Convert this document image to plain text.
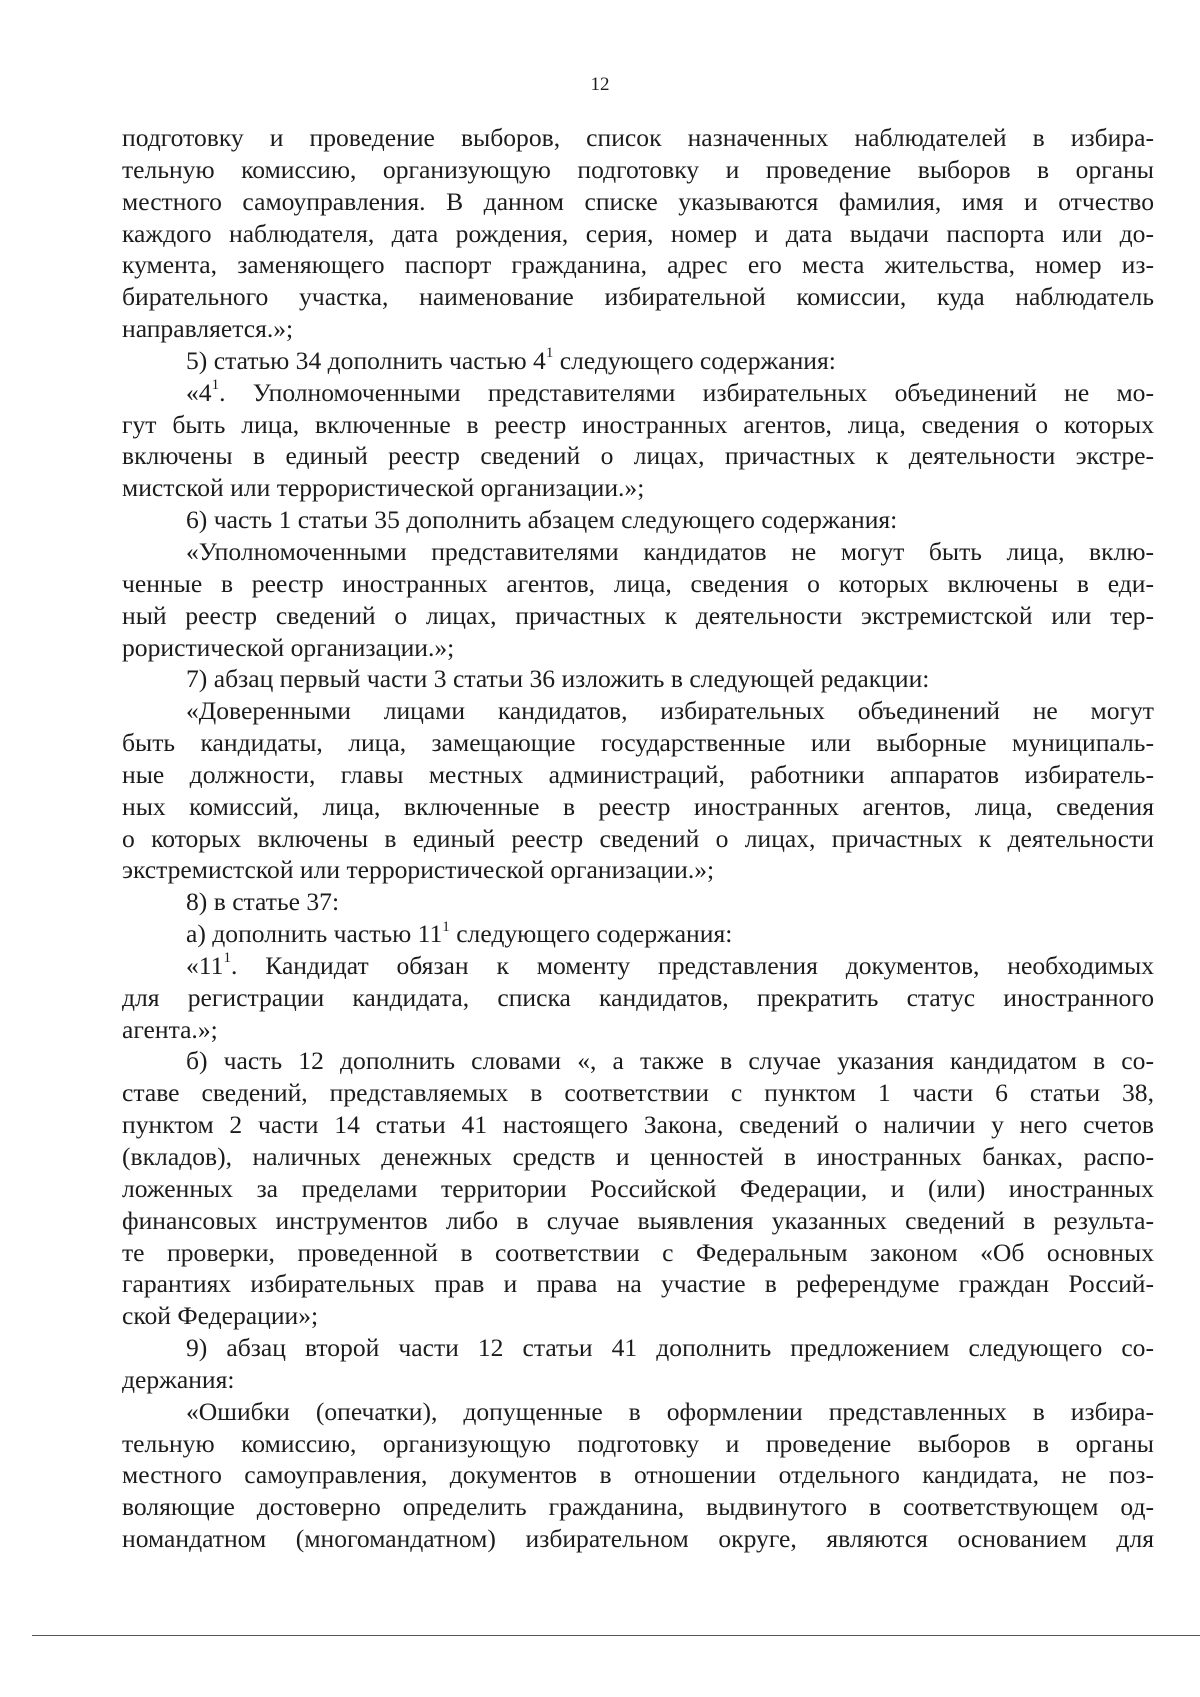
12
подготовку и проведение выборов, список назначенных наблюдателей в избира-
тельную комиссию, организующую подготовку и проведение выборов в органы
местного самоуправления. В данном списке указываются фамилия, имя и отчество
каждого наблюдателя, дата рождения, серия, номер и дата выдачи паспорта или до-
кумента, заменяющего паспорт гражданина, адрес его места жительства, номер из-
бирательного участка, наименование избирательной комиссии, куда наблюдатель
направляется.»;
5) статью 34 дополнить частью $4^1$ следующего содержания:
«$4^1$. Уполномоченными представителями избирательных объединений не мо-
гут быть лица, включенные в реестр иностранных агентов, лица, сведения о которых
включены в единый реестр сведений о лицах, причастных к деятельности экстре-
мистской или террористической организации.»;
6) часть 1 статьи 35 дополнить абзацем следующего содержания:
«Уполномоченными представителями кандидатов не могут быть лица, вклю-
ченные в реестр иностранных агентов, лица, сведения о которых включены в еди-
ный реестр сведений о лицах, причастных к деятельности экстремистской или тер-
рористической организации.»;
7) абзац первый части 3 статьи 36 изложить в следующей редакции:
«Доверенными лицами кандидатов, избирательных объединений не могут
быть кандидаты, лица, замещающие государственные или выборные муниципаль-
ные должности, главы местных администраций, работники аппаратов избиратель-
ных комиссий, лица, включенные в реестр иностранных агентов, лица, сведения
о которых включены в единый реестр сведений о лицах, причастных к деятельности
экстремистской или террористической организации.»;
8) в статье 37:
а) дополнить частью $11^1$ следующего содержания:
«$11^1$. Кандидат обязан к моменту представления документов, необходимых
для регистрации кандидата, списка кандидатов, прекратить статус иностранного
агента.»;
б) часть 12 дополнить словами «, а также в случае указания кандидатом в со-
ставе сведений, представляемых в соответствии с пунктом 1 части 6 статьи 38,
пунктом 2 части 14 статьи 41 настоящего Закона, сведений о наличии у него счетов
(вкладов), наличных денежных средств и ценностей в иностранных банках, распо-
ложенных за пределами территории Российской Федерации, и (или) иностранных
финансовых инструментов либо в случае выявления указанных сведений в результа-
те проверки, проведенной в соответствии с Федеральным законом «Об основных
гарантиях избирательных прав и права на участие в референдуме граждан Россий-
ской Федерации»;
9) абзац второй части 12 статьи 41 дополнить предложением следующего со-
держания:
«Ошибки (опечатки), допущенные в оформлении представленных в избира-
тельную комиссию, организующую подготовку и проведение выборов в органы
местного самоуправления, документов в отношении отдельного кандидата, не поз-
воляющие достоверно определить гражданина, выдвинутого в соответствующем од-
номандатном (многомандатном) избирательном округе, являются основанием для
